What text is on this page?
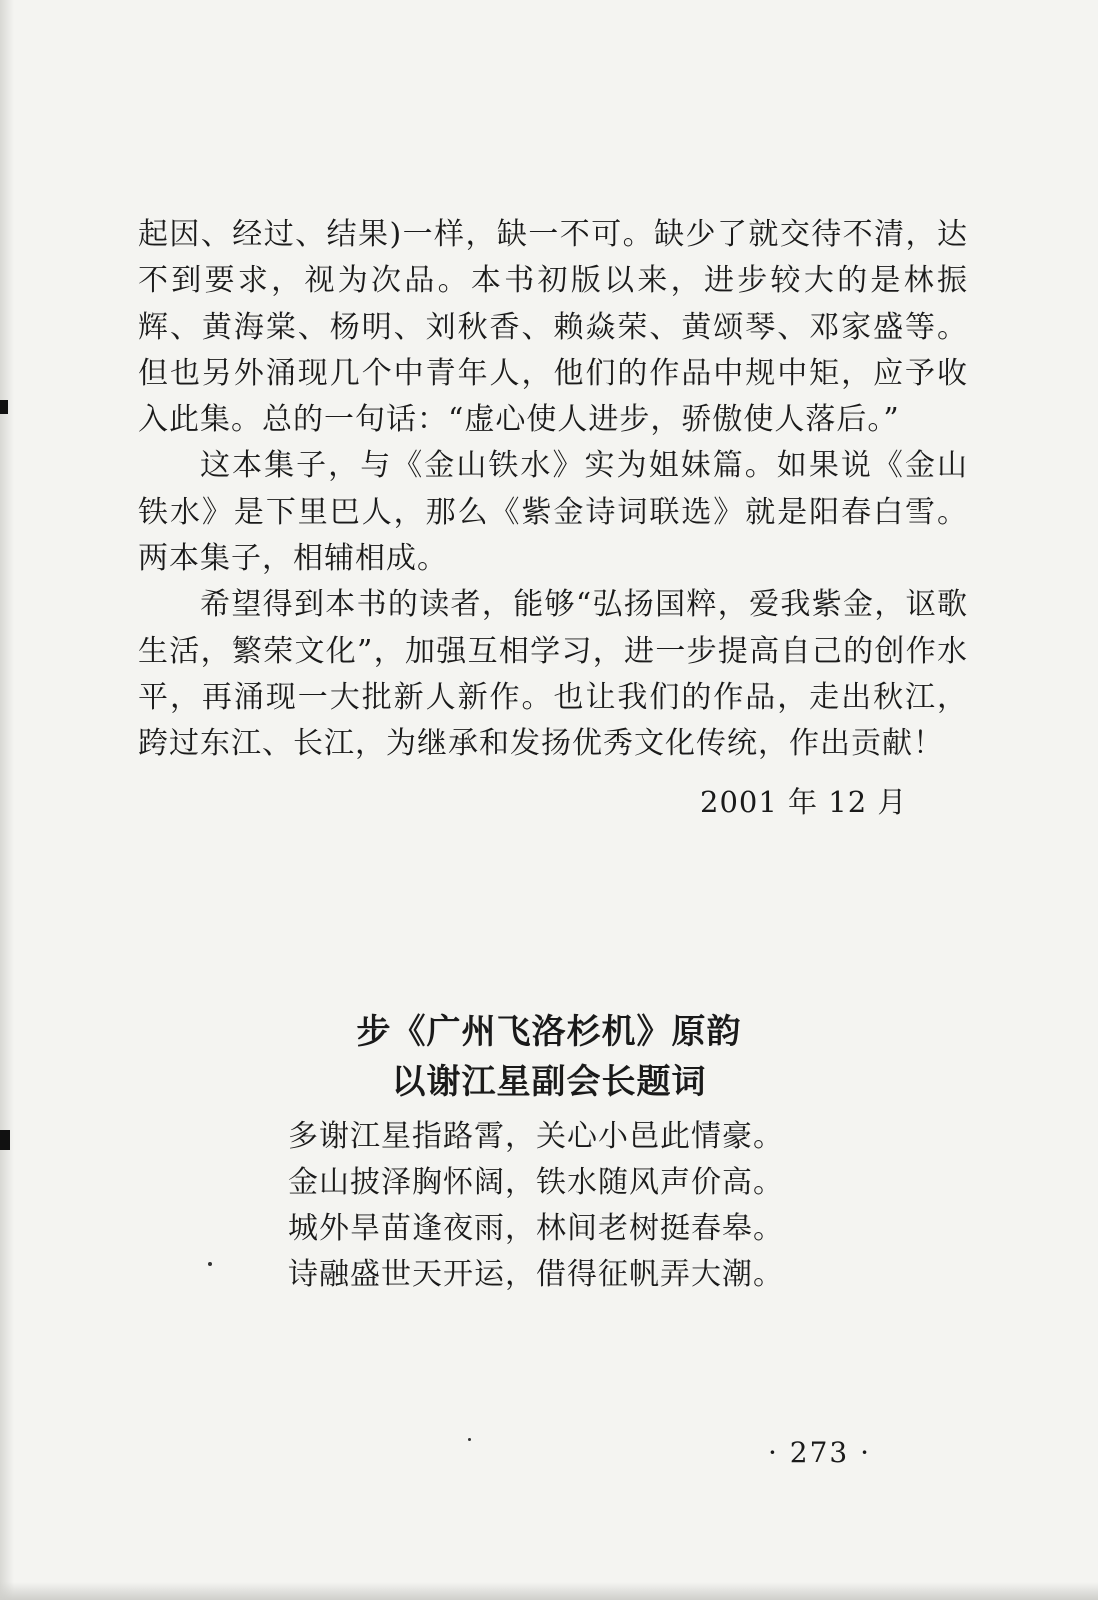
起因、经过、结果)一样，缺一不可。缺少了就交待不清，达不到要求，视为次品。本书初版以来，进步较大的是林振辉、黄海棠、杨明、刘秋香、赖焱荣、黄颂琴、邓家盛等。但也另外涌现几个中青年人，他们的作品中规中矩，应予收入此集。总的一句话：“虚心使人进步，骄傲使人落后。”

这本集子，与《金山铁水》实为姐妹篇。如果说《金山铁水》是下里巴人，那么《紫金诗词联选》就是阳春白雪。两本集子，相辅相成。

希望得到本书的读者，能够“弘扬国粹，爱我紫金，讴歌生活，繁荣文化”，加强互相学习，进一步提高自己的创作水平，再涌现一大批新人新作。也让我们的作品，走出秋江，跨过东江、长江，为继承和发扬优秀文化传统，作出贡献！

2001 年 12 月
步《广州飞洛杉机》原韵
以谢江星副会长题词
多谢江星指路霄，关心小邑此情豪。
金山披泽胸怀阔，铁水随风声价高。
城外旱苗逢夜雨，林间老树挺春皋。
诗融盛世天开运，借得征帆弄大潮。
· 273 ·
